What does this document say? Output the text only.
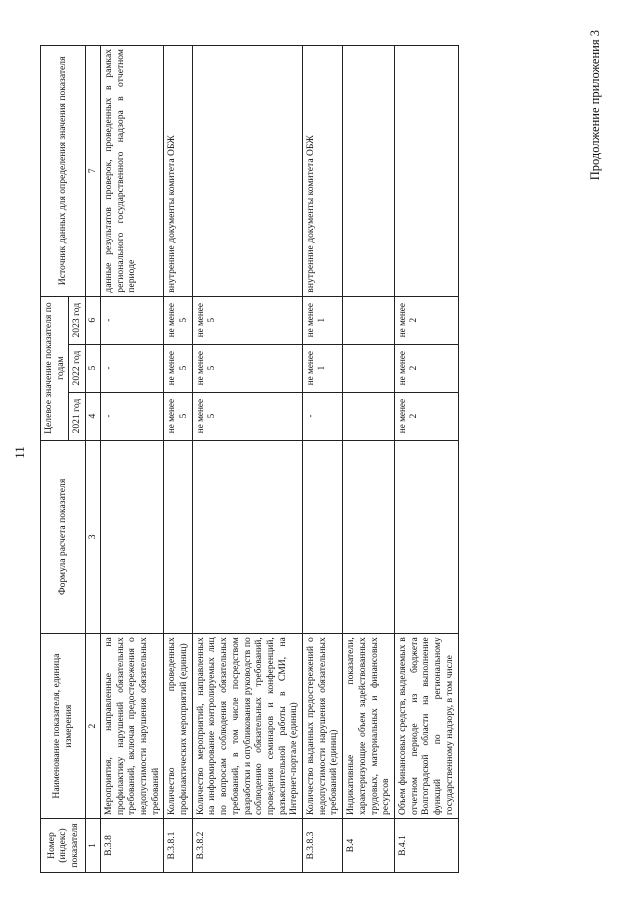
11
Продолжение приложения 3
Номер (индекс) показателя	Наименование показателя, единица измерения	Формула расчета показателя	Целевое значение показателя по годам			Источник данных для определения значения показателя
			2021 год	2022 год	2023 год	
1	2	3	4	5	6	7
В.3.8	Мероприятия, направленные на профилактику нарушений обязательных требований, включая предостережения о недопустимости нарушения обязательных требований		-	-	-	данные результатов проверок, проведенных в рамках регионального государственного надзора в отчетном периоде
В.3.8.1	Количество проведенных профилактических мероприятий (единиц)		не менее 5	не менее 5	не менее 5	внутренние документы комитета ОБЖ
В.3.8.2	Количество мероприятий, направленных на информирование контролируемых лиц по вопросам соблюдения обязательных требований, в том числе посредством разработки и опубликования руководств по соблюдению обязательных требований, проведения семинаров и конференций, разъяснительной работы в СМИ, на Интернет-портале (единиц)		не менее 5	не менее 5	не менее 5	
В.3.8.3	Количество выданных предостережений о недопустимости нарушения обязательных требований (единиц)		-	не менее 1	не менее 1	внутренние документы комитета ОБЖ
В.4	Индикативные показатели, характеризующие объем задействованных трудовых, материальных и финансовых ресурсов					
В.4.1	Объем финансовых средств, выделяемых в отчетном периоде из бюджета Волгоградской области на выполнение функций по региональному государственному надзору, в том числе		не менее 2	не менее 2	не менее 2	
